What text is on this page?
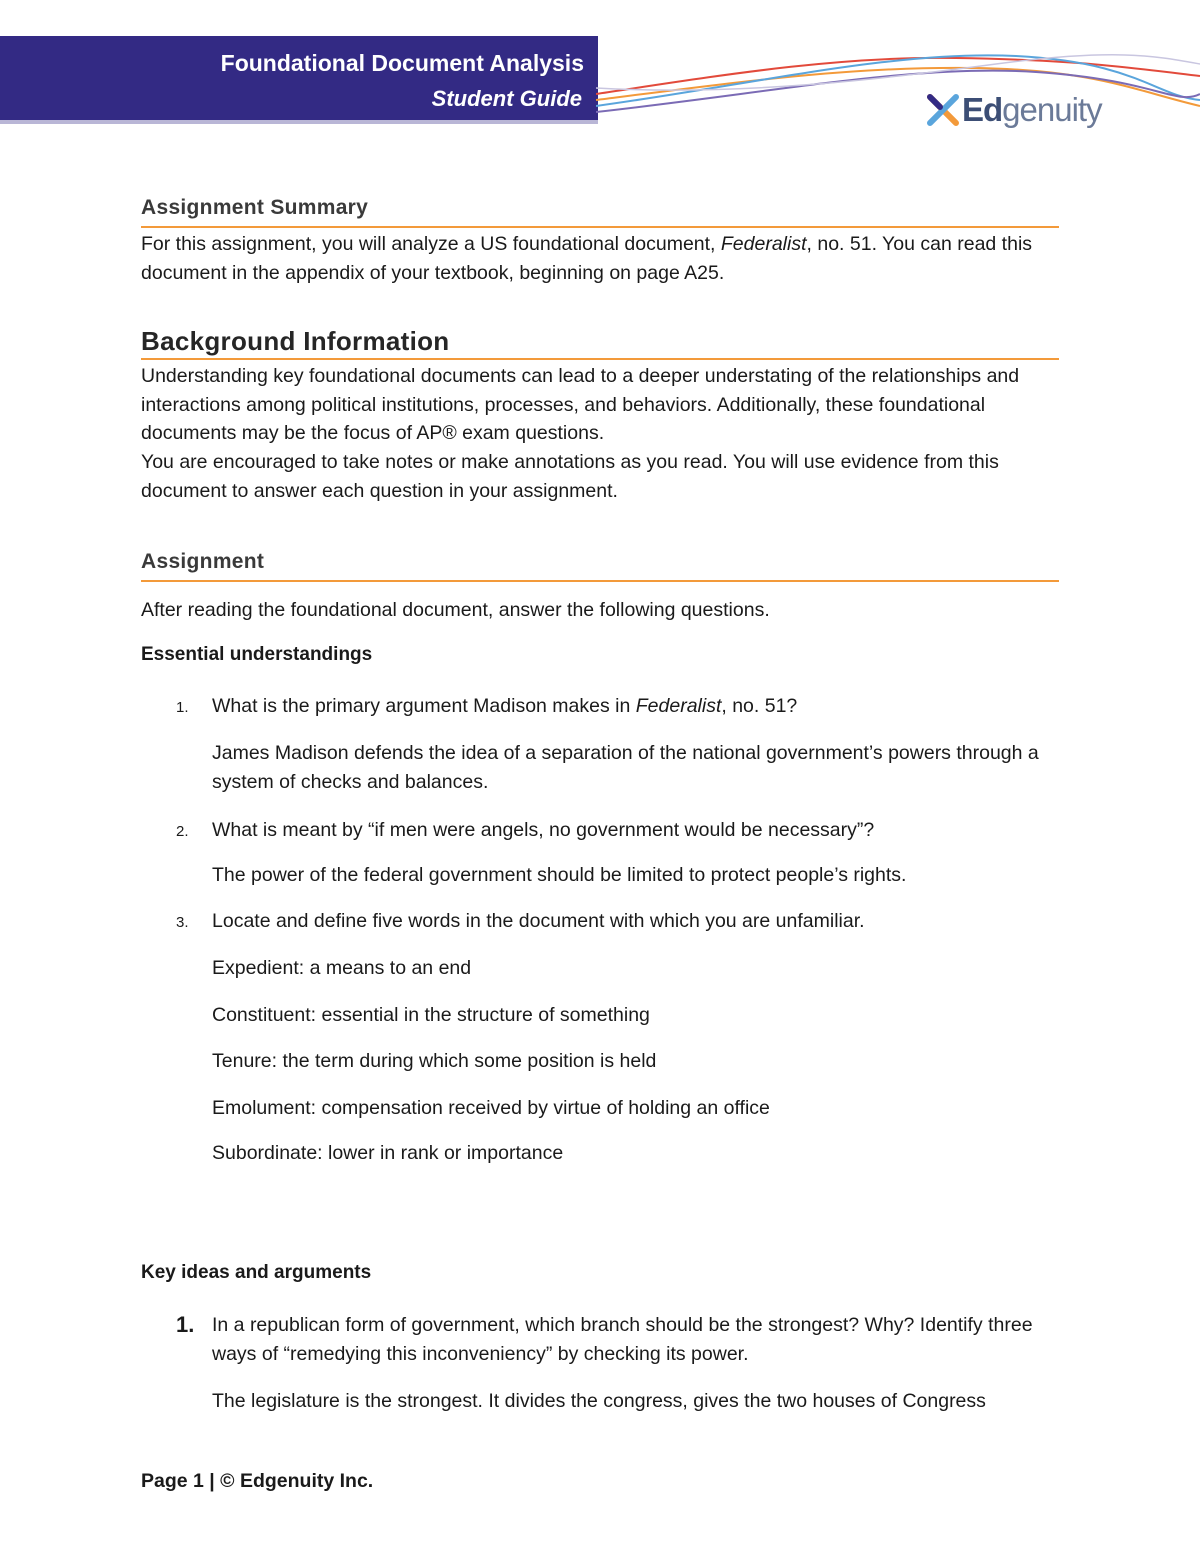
Foundational Document Analysis
Student Guide	Edgenuity
Assignment Summary
For this assignment, you will analyze a US foundational document, Federalist, no. 51. You can read this document in the appendix of your textbook, beginning on page A25.
Background Information
Understanding key foundational documents can lead to a deeper understating of the relationships and interactions among political institutions, processes, and behaviors. Additionally, these foundational documents may be the focus of AP® exam questions.
You are encouraged to take notes or make annotations as you read. You will use evidence from this document to answer each question in your assignment.
Assignment
After reading the foundational document, answer the following questions.
Essential understandings
1. What is the primary argument Madison makes in Federalist, no. 51?
James Madison defends the idea of a separation of the national government’s powers through a system of checks and balances.
2. What is meant by “if men were angels, no government would be necessary”?
The power of the federal government should be limited to protect people’s rights.
3. Locate and define five words in the document with which you are unfamiliar.
Expedient: a means to an end
Constituent: essential in the structure of something
Tenure: the term during which some position is held
Emolument: compensation received by virtue of holding an office
Subordinate: lower in rank or importance
Key ideas and arguments
1. In a republican form of government, which branch should be the strongest? Why? Identify three ways of “remedying this inconveniency” by checking its power.
The legislature is the strongest. It divides the congress, gives the two houses of Congress
Page 1 | © Edgenuity Inc.
